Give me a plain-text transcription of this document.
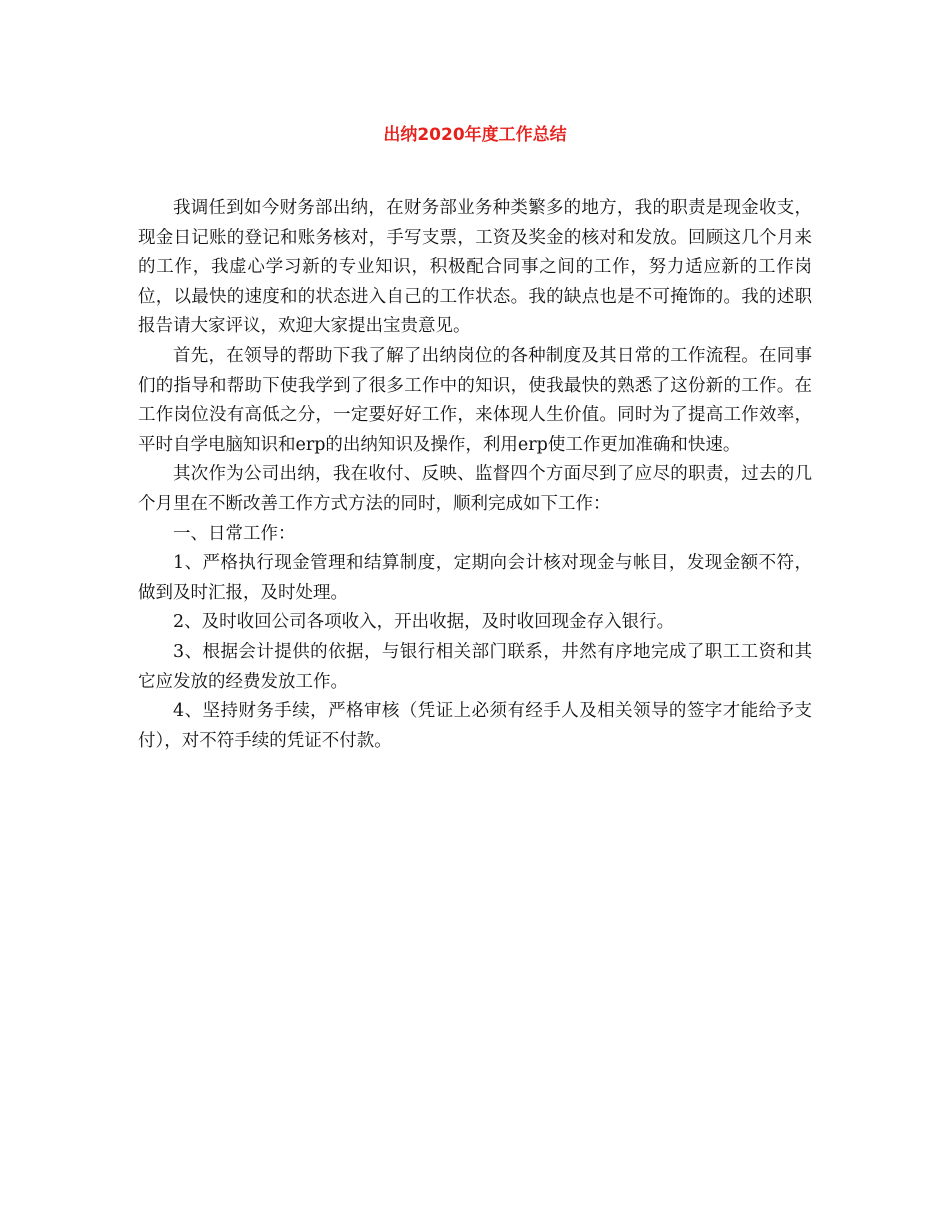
出纳2020年度工作总结

我调任到如今财务部出纳，在财务部业务种类繁多的地方，我的职责是现金收支，现金日记账的登记和账务核对，手写支票，工资及奖金的核对和发放。回顾这几个月来的工作，我虚心学习新的专业知识，积极配合同事之间的工作，努力适应新的工作岗位，以最快的速度和的状态进入自己的工作状态。我的缺点也是不可掩饰的。我的述职报告请大家评议，欢迎大家提出宝贵意见。

首先，在领导的帮助下我了解了出纳岗位的各种制度及其日常的工作流程。在同事们的指导和帮助下使我学到了很多工作中的知识，使我最快的熟悉了这份新的工作。在工作岗位没有高低之分，一定要好好工作，来体现人生价值。同时为了提高工作效率，平时自学电脑知识和erp的出纳知识及操作，利用erp使工作更加准确和快速。

其次作为公司出纳，我在收付、反映、监督四个方面尽到了应尽的职责，过去的几个月里在不断改善工作方式方法的同时，顺利完成如下工作：

一、日常工作：

1、严格执行现金管理和结算制度，定期向会计核对现金与帐目，发现金额不符，做到及时汇报，及时处理。

2、及时收回公司各项收入，开出收据，及时收回现金存入银行。

3、根据会计提供的依据，与银行相关部门联系，井然有序地完成了职工工资和其它应发放的经费发放工作。

4、坚持财务手续，严格审核（凭证上必须有经手人及相关领导的签字才能给予支付），对不符手续的凭证不付款。
